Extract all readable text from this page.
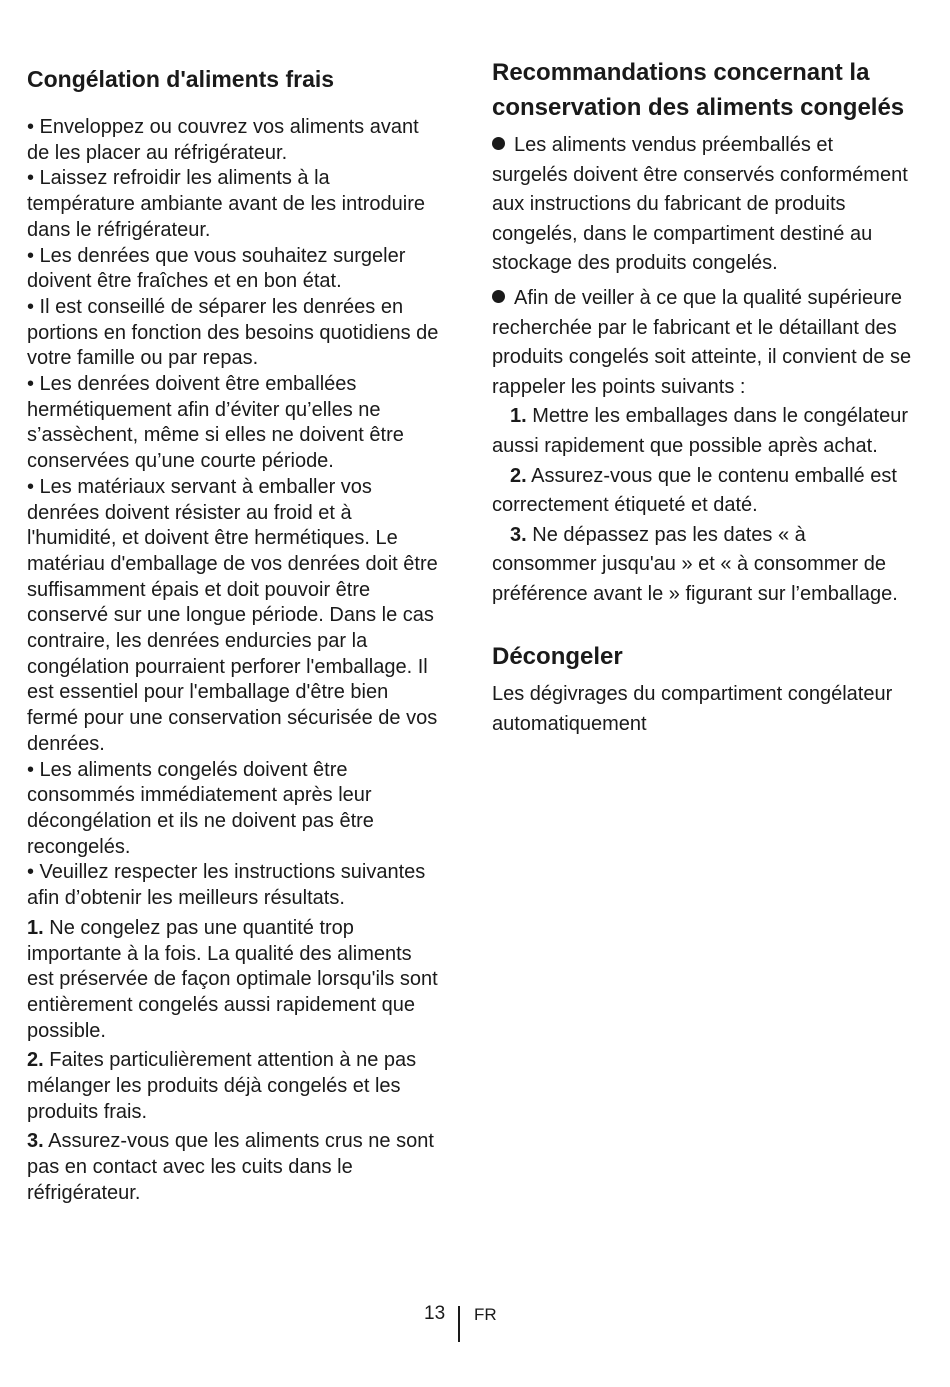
Congélation d'aliments frais

• Enveloppez ou couvrez vos aliments avant de les placer au réfrigérateur.

• Laissez refroidir les aliments à la température ambiante avant de les introduire dans le réfrigérateur.

• Les denrées que vous souhaitez surgeler doivent être fraîches et en bon état.

• Il est conseillé de séparer les denrées en portions en fonction des besoins quotidiens de votre famille ou par repas.

• Les denrées doivent être emballées hermétiquement afin d’éviter qu’elles ne s’assèchent, même si elles ne doivent être conservées qu’une courte période.

• Les matériaux servant à emballer vos denrées doivent résister au froid et à l'humidité, et doivent être hermétiques. Le matériau d'emballage de vos denrées doit être suffisamment épais et doit pouvoir être conservé sur une longue période. Dans le cas contraire, les denrées endurcies par la congélation pourraient perforer l'emballage. Il est essentiel pour l'emballage d'être bien fermé pour une conservation sécurisée de vos denrées.

• Les aliments congelés doivent être consommés immédiatement après leur décongélation et ils ne doivent pas être recongelés.

• Veuillez respecter les instructions suivantes afin d’obtenir les meilleurs résultats.

1. Ne congelez pas une quantité trop importante à la fois. La qualité des aliments est préservée de façon optimale lorsqu'ils sont entièrement congelés aussi rapidement que possible.

2. Faites particulièrement attention à ne pas mélanger les produits déjà congelés et les produits frais.

3. Assurez-vous que les aliments crus ne sont pas en contact avec les cuits dans le réfrigérateur.

Recommandations concernant la conservation des aliments congelés

Les aliments vendus préemballés et surgelés doivent être conservés conformément aux instructions du fabricant de produits congelés, dans le compartiment destiné au stockage des produits congelés.

Afin de veiller à ce que la qualité supérieure recherchée par le fabricant et le détaillant des produits congelés soit atteinte, il convient de se rappeler les points suivants :

1. Mettre les emballages dans le congélateur aussi rapidement que possible après achat.

2. Assurez-vous que le contenu emballé est correctement étiqueté et daté.

3. Ne dépassez pas les dates « à consommer jusqu'au » et « à consommer de préférence avant le » figurant sur l’emballage.

Décongeler

Les dégivrages du compartiment congélateur automatiquement

13 FR
